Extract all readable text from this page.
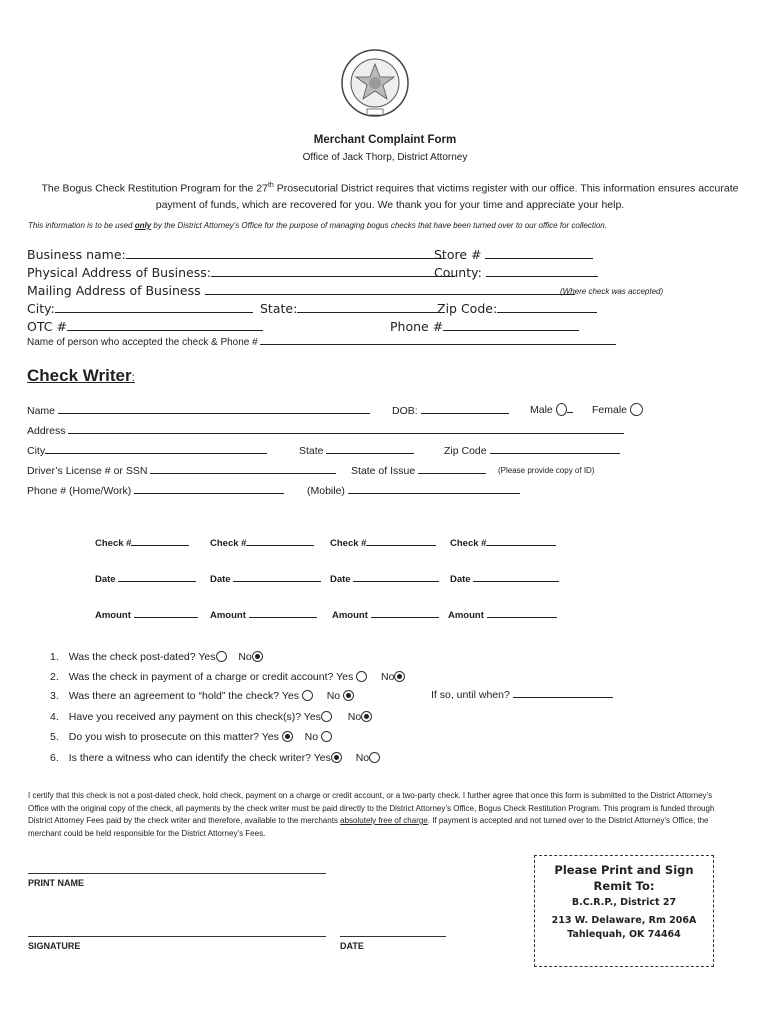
Merchant Complaint Form
Office of Jack Thorp, District Attorney
The Bogus Check Restitution Program for the 27th Prosecutorial District requires that victims register with our office. This information ensures accurate payment of funds, which are recovered for you. We thank you for your time and appreciate your help.
This information is to be used only by the District Attorney’s Office for the purpose of managing bogus checks that have been turned over to our office for collection.
Business name:	Store #
Physical Address of Business:	County:
Mailing Address of Business	(Where check was accepted)
City:	State:	Zip Code:
OTC #	Phone #
Name of person who accepted the check & Phone #
Check Writer:
Name	DOB:	Male	Female
Address
City	State	Zip Code
Driver’s License # or SSN	State of Issue	(Please provide copy of ID)
Phone # (Home/Work)	(Mobile)
Check #	Check #	Check #	Check #
Date	Date	Date	Date
Amount	Amount	Amount	Amount
1. Was the check post-dated? Yes No
2. Was the check in payment of a charge or credit account? Yes	No
3. Was there an agreement to “hold” the check? Yes	No	If so, until when?
4. Have you received any payment on this check(s)? Yes	No
5. Do you wish to prosecute on this matter? Yes No
6. Is there a witness who can identify the check writer? Yes No
I certify that this check is not a post-dated check, hold check, payment on a charge or credit account, or a two-party check. I further agree that once this form is submitted to the District Attorney’s Office with the original copy of the check, all payments by the check writer must be paid directly to the District Attorney’s Office, Bogus Check Restitution Program. This program is funded through District Attorney Fees paid by the check writer and therefore, available to the merchants absolutely free of charge. If payment is accepted and not turned over to the District Attorney’s Office, the merchant could be held responsible for the District Attorney’s Fees.
PRINT NAME
SIGNATURE	DATE
Please Print and Sign
Remit To:
B.C.R.P., District 27
213 W. Delaware, Rm 206A
Tahlequah, OK 74464
